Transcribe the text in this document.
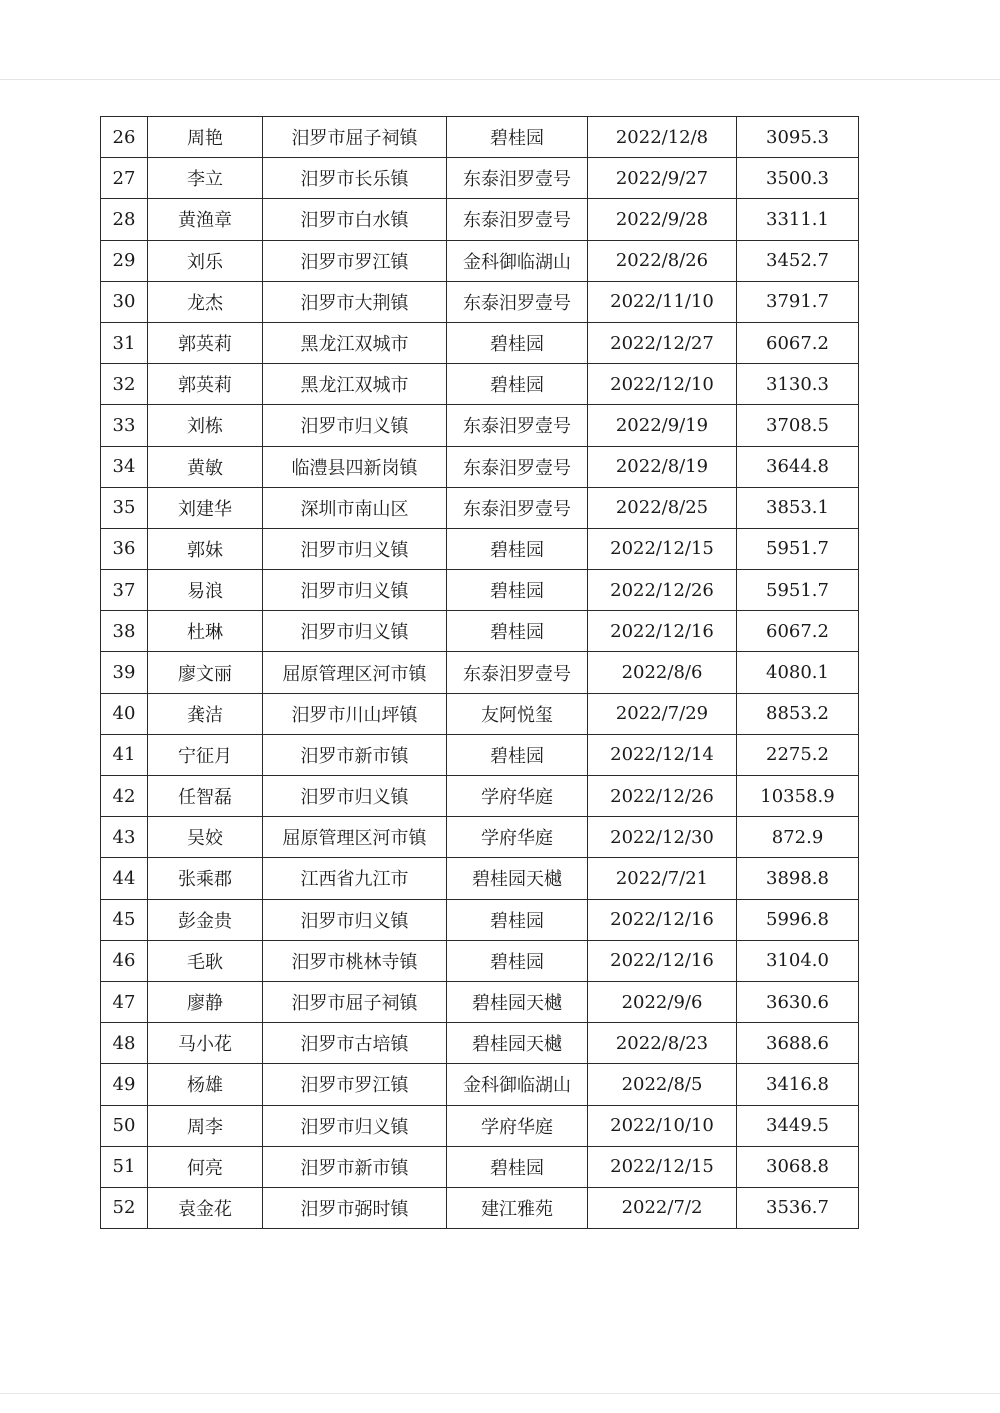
26	周艳	汨罗市屈子祠镇	碧桂园	2022/12/8	3095.3
27	李立	汨罗市长乐镇	东泰汨罗壹号	2022/9/27	3500.3
28	黄渔章	汨罗市白水镇	东泰汨罗壹号	2022/9/28	3311.1
29	刘乐	汨罗市罗江镇	金科御临湖山	2022/8/26	3452.7
30	龙杰	汨罗市大荆镇	东泰汨罗壹号	2022/11/10	3791.7
31	郭英莉	黑龙江双城市	碧桂园	2022/12/27	6067.2
32	郭英莉	黑龙江双城市	碧桂园	2022/12/10	3130.3
33	刘栋	汨罗市归义镇	东泰汨罗壹号	2022/9/19	3708.5
34	黄敏	临澧县四新岗镇	东泰汨罗壹号	2022/8/19	3644.8
35	刘建华	深圳市南山区	东泰汨罗壹号	2022/8/25	3853.1
36	郭妹	汨罗市归义镇	碧桂园	2022/12/15	5951.7
37	易浪	汨罗市归义镇	碧桂园	2022/12/26	5951.7
38	杜琳	汨罗市归义镇	碧桂园	2022/12/16	6067.2
39	廖文丽	屈原管理区河市镇	东泰汨罗壹号	2022/8/6	4080.1
40	龚洁	汨罗市川山坪镇	友阿悦玺	2022/7/29	8853.2
41	宁征月	汨罗市新市镇	碧桂园	2022/12/14	2275.2
42	任智磊	汨罗市归义镇	学府华庭	2022/12/26	10358.9
43	吴姣	屈原管理区河市镇	学府华庭	2022/12/30	872.9
44	张乘郡	江西省九江市	碧桂园天樾	2022/7/21	3898.8
45	彭金贵	汨罗市归义镇	碧桂园	2022/12/16	5996.8
46	毛耿	汨罗市桃林寺镇	碧桂园	2022/12/16	3104.0
47	廖静	汨罗市屈子祠镇	碧桂园天樾	2022/9/6	3630.6
48	马小花	汨罗市古培镇	碧桂园天樾	2022/8/23	3688.6
49	杨雄	汨罗市罗江镇	金科御临湖山	2022/8/5	3416.8
50	周李	汨罗市归义镇	学府华庭	2022/10/10	3449.5
51	何亮	汨罗市新市镇	碧桂园	2022/12/15	3068.8
52	袁金花	汨罗市弼时镇	建江雅苑	2022/7/2	3536.7
